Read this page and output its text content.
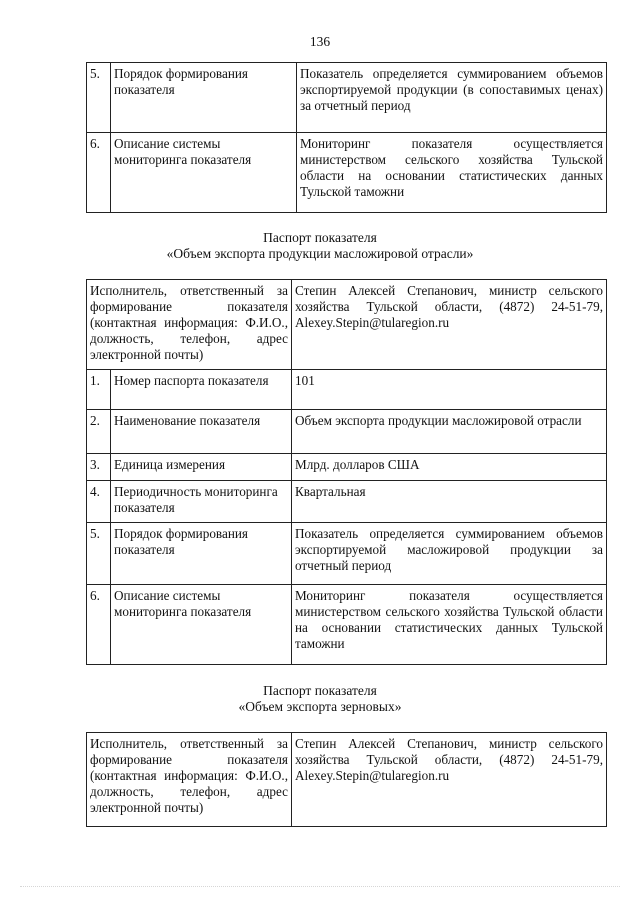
136
5.	Порядок формирования показателя	Показатель определяется суммированием объемов экспортируемой продукции (в сопоставимых ценах) за отчетный период
6.	Описание системы мониторинга показателя	Мониторинг показателя осуществляется министерством сельского хозяйства Тульской области на основании статистических данных Тульской таможни
Паспорт показателя
«Объем экспорта продукции масложировой отрасли»
Исполнитель, ответственный за формирование показателя (контактная информация: Ф.И.О., должность, телефон, адрес электронной почты)		Степин Алексей Степанович, министр сельского хозяйства Тульской области, (4872) 24-51-79, Alexey.Stepin@tularegion.ru
1.	Номер паспорта показателя	101
2.	Наименование показателя	Объем экспорта продукции масложировой отрасли
3.	Единица измерения	Млрд. долларов США
4.	Периодичность мониторинга показателя	Квартальная
5.	Порядок формирования показателя	Показатель определяется суммированием объемов экспортируемой масложировой продукции за отчетный период
6.	Описание системы мониторинга показателя	Мониторинг показателя осуществляется министерством сельского хозяйства Тульской области на основании статистических данных Тульской таможни
Паспорт показателя
«Объем экспорта зерновых»
Исполнитель, ответственный за формирование показателя (контактная информация: Ф.И.О., должность, телефон, адрес электронной почты)	Степин Алексей Степанович, министр сельского хозяйства Тульской области, (4872) 24-51-79, Alexey.Stepin@tularegion.ru
